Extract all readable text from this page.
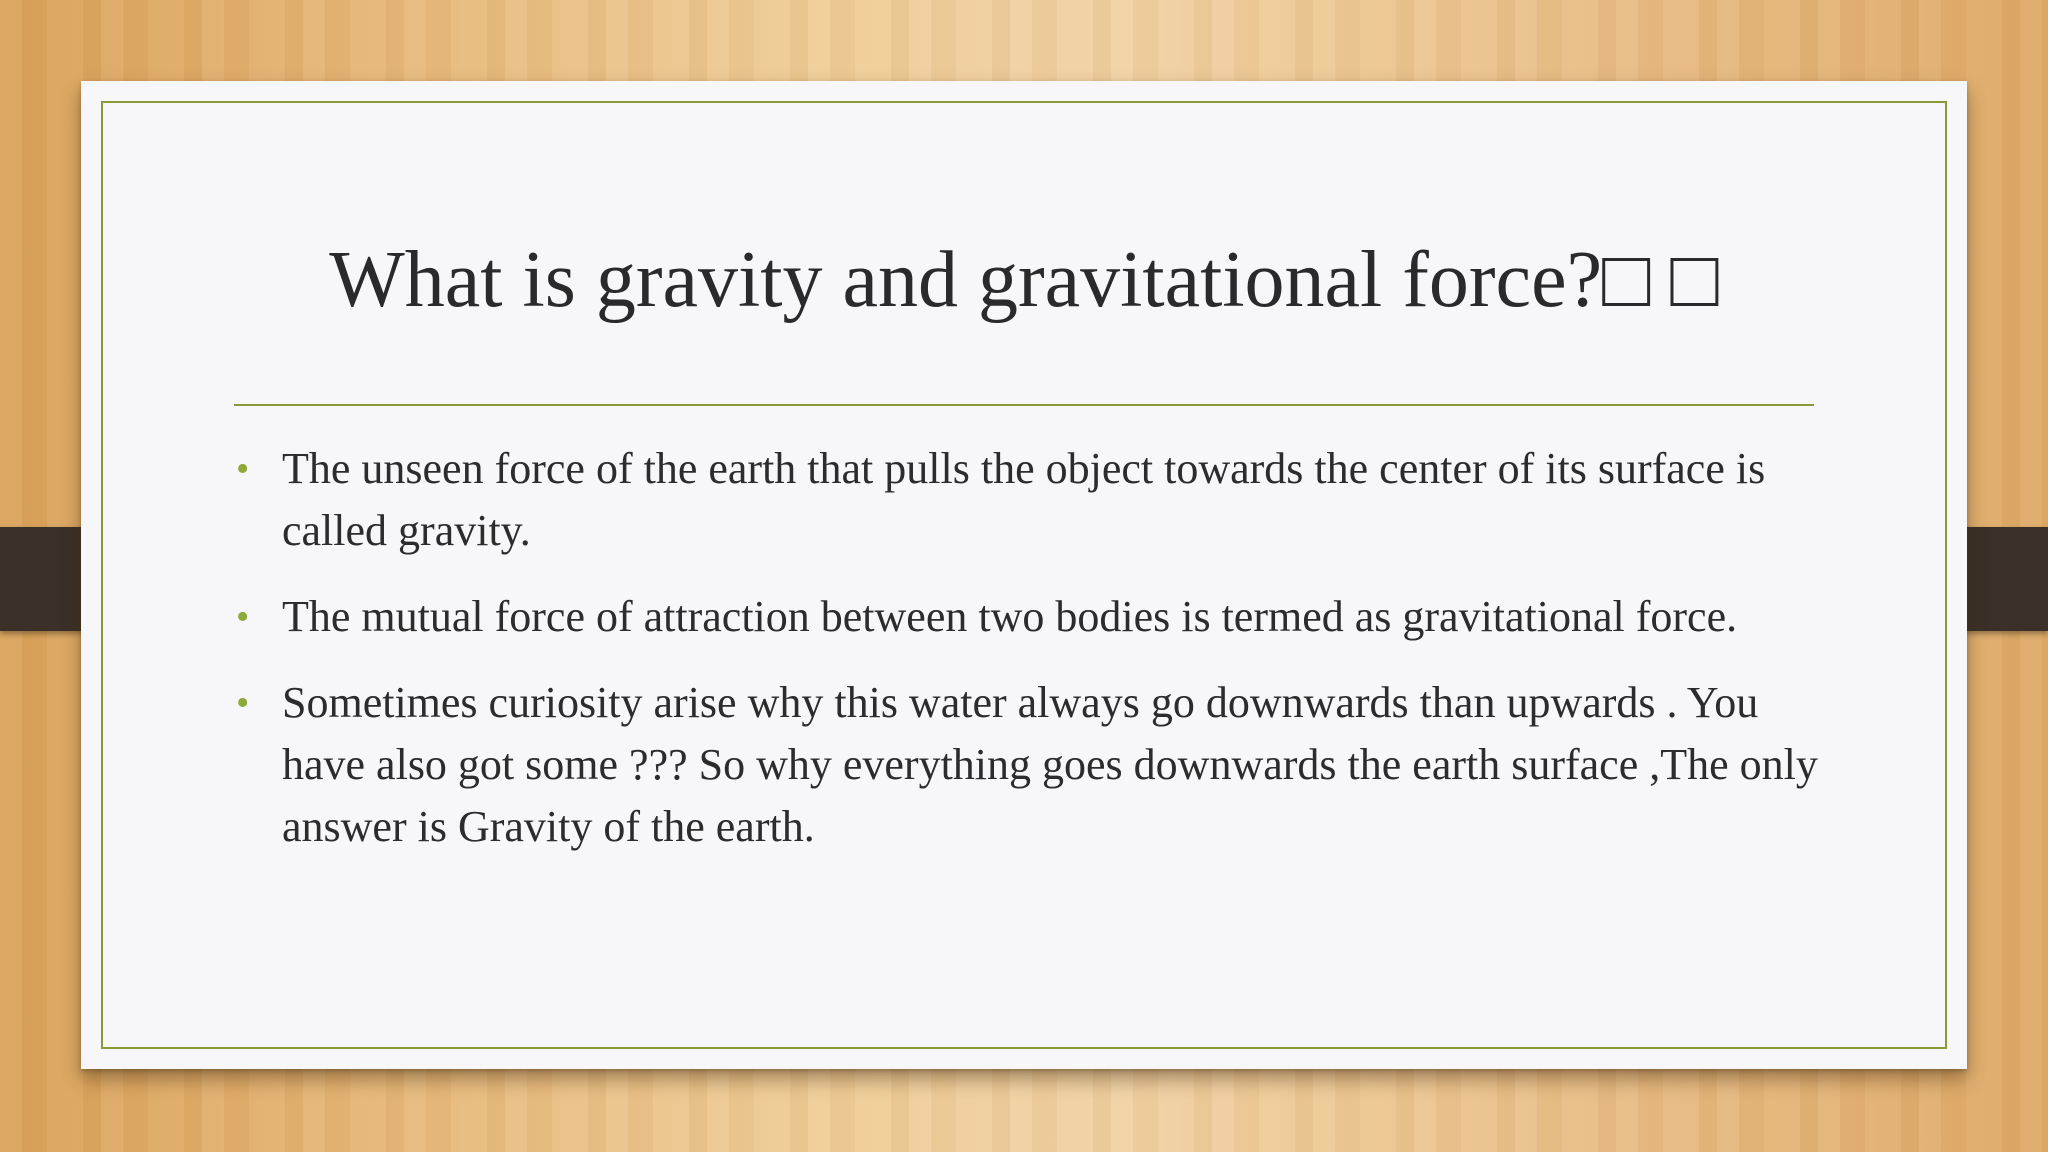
What is gravity and gravitational force?□ □
• The unseen force of the earth that pulls the object towards the center of its surface is called gravity.
• The mutual force of attraction between two bodies is termed as gravitational force.
• Sometimes curiosity arise why this water always go downwards than upwards . You have also got some ??? So why everything goes downwards the earth surface ,The only answer is Gravity of the earth.
